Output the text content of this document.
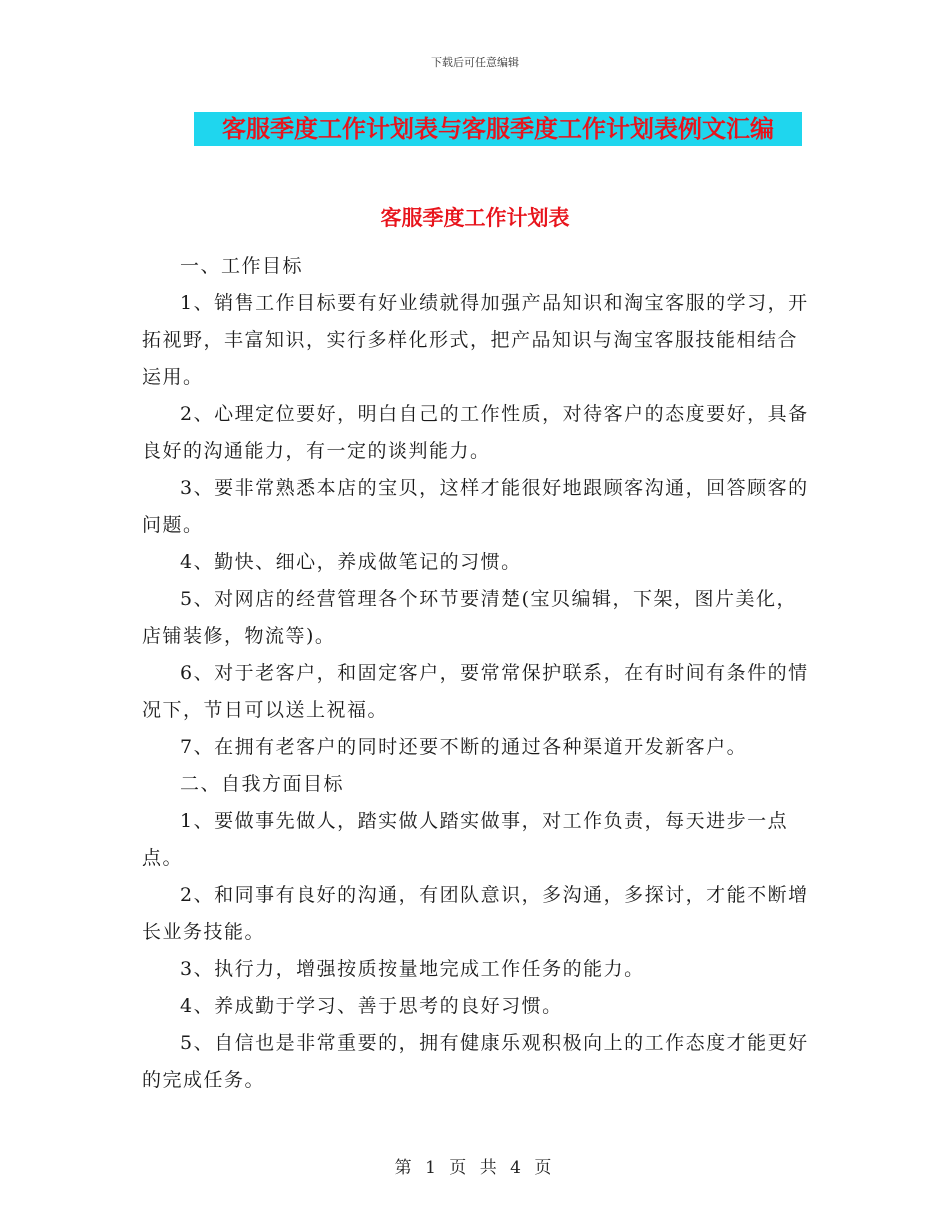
下载后可任意编辑
客服季度工作计划表与客服季度工作计划表例文汇编
客服季度工作计划表

一、工作目标

1、销售工作目标要有好业绩就得加强产品知识和淘宝客服的学习，开拓视野，丰富知识，实行多样化形式，把产品知识与淘宝客服技能相结合运用。

2、心理定位要好，明白自己的工作性质，对待客户的态度要好，具备良好的沟通能力，有一定的谈判能力。

3、要非常熟悉本店的宝贝，这样才能很好地跟顾客沟通，回答顾客的问题。

4、勤快、细心，养成做笔记的习惯。

5、对网店的经营管理各个环节要清楚(宝贝编辑，下架，图片美化，店铺装修，物流等)。

6、对于老客户，和固定客户，要常常保护联系，在有时间有条件的情况下，节日可以送上祝福。

7、在拥有老客户的同时还要不断的通过各种渠道开发新客户。

二、自我方面目标

1、要做事先做人，踏实做人踏实做事，对工作负责，每天进步一点点。

2、和同事有良好的沟通，有团队意识，多沟通，多探讨，才能不断增长业务技能。

3、执行力，增强按质按量地完成工作任务的能力。

4、养成勤于学习、善于思考的良好习惯。

5、自信也是非常重要的，拥有健康乐观积极向上的工作态度才能更好的完成任务。

第 1 页 共 4 页
